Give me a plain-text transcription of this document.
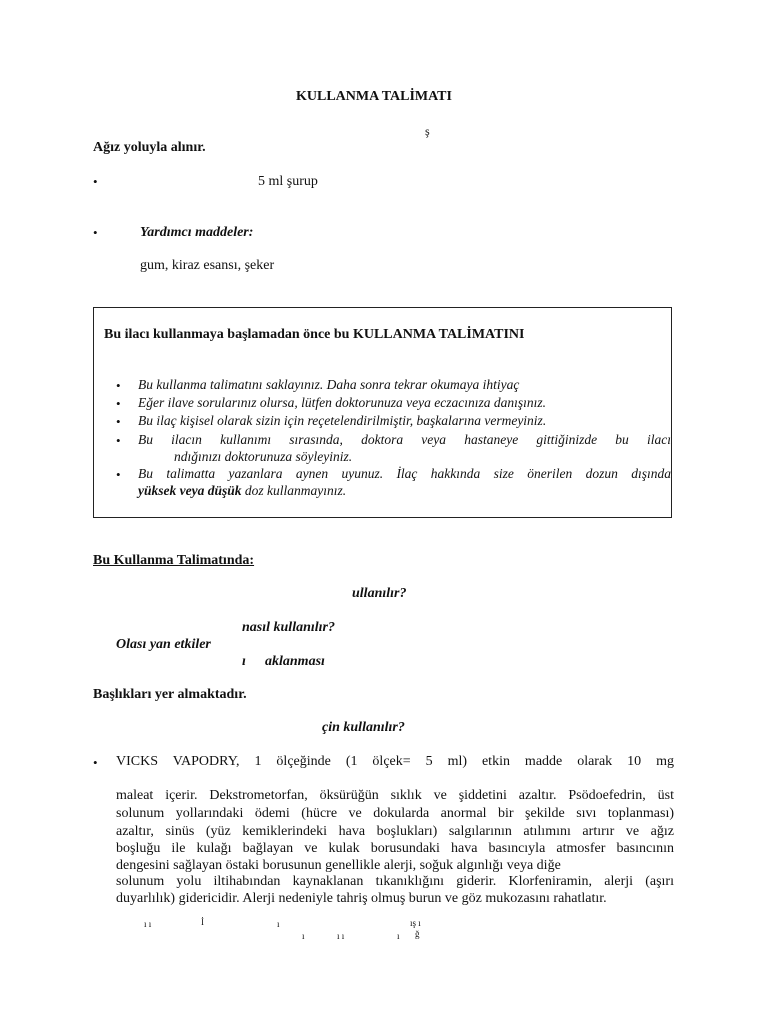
KULLANMA TALİMATI
ş
Ağız yoluyla alınır.
•	5 ml şurup
•	Yardımcı maddeler:
gum, kiraz esansı, şeker
Bu ilacı kullanmaya başlamadan önce bu KULLANMA TALİMATINI
• Bu kullanma talimatını saklayınız. Daha sonra tekrar okumaya ihtiyaç
• Eğer ilave sorularınız olursa, lütfen doktorunuza veya eczacınıza danışınız.
• Bu ilaç kişisel olarak sizin için reçetelendirilmiştir, başkalarına vermeyiniz.
• Bu ilacın kullanımı sırasında, doktora veya hastaneye gittiğinizde bu ilacı
ndığınızı doktorunuza söyleyiniz.
• Bu talimatta yazanlara aynen uyunuz. İlaç hakkında size önerilen dozun dışında
yüksek veya düşük doz kullanmayınız.
Bu Kullanma Talimatında:
ullanılır?
nasıl kullanılır?
Olası yan etkiler
ı aklanması
Başlıkları yer almaktadır.
çin kullanılır?
• VICKS VAPODRY, 1 ölçeğinde (1 ölçek= 5 ml) etkin madde olarak 10 mg
maleat içerir. Dekstrometorfan, öksürüğün sıklık ve şiddetini azaltır. Psödoefedrin, üst
solunum yollarındaki ödemi (hücre ve dokularda anormal bir şekilde sıvı toplanması)
azaltır, sinüs (yüz kemiklerindeki hava boşlukları) salgılarının atılımını artırır ve ağız
boşluğu ile kulağı bağlayan ve kulak borusundaki hava basıncıyla atmosfer basıncının
dengesini sağlayan östaki borusunun genellikle alerji, soğuk algınlığı veya diğe
solunum yolu iltihabından kaynaklanan tıkanıklığını giderir. Klorfeniramin, alerji (aşırı
duyarlılık) gidericidir. Alerji nedeniyle tahriş olmuş burun ve göz mukozasını rahatlatır.
ı ı	İ	ı	ış ı
ı	ı ı	ı ğ
